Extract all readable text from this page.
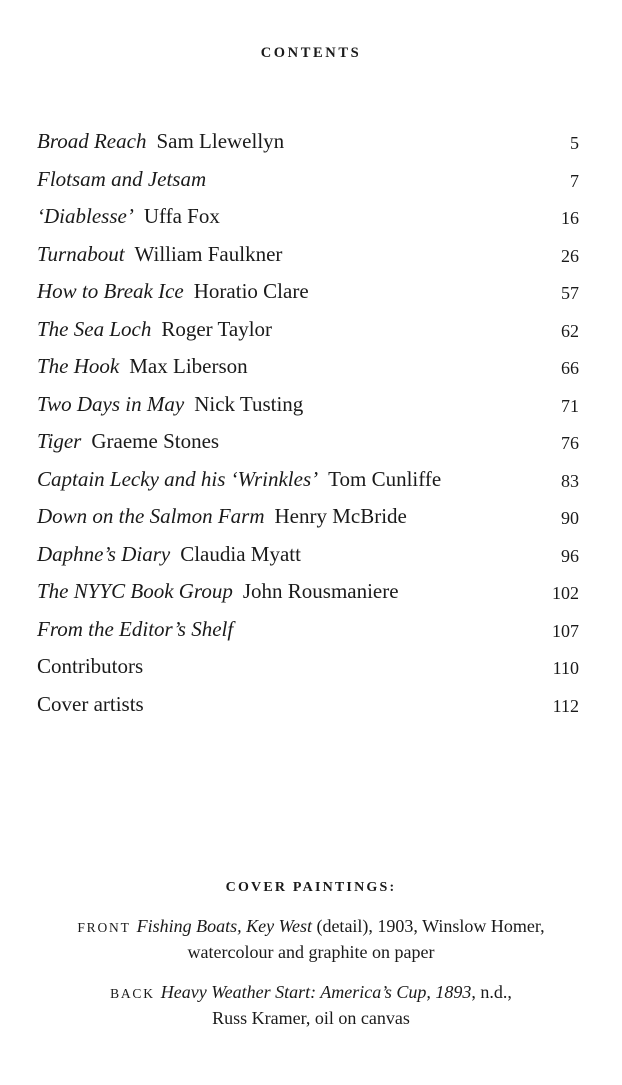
CONTENTS
Broad Reach Sam Llewellyn	5
Flotsam and Jetsam	7
‘Diablesse’ Uffa Fox	16
Turnabout William Faulkner	26
How to Break Ice Horatio Clare	57
The Sea Loch Roger Taylor	62
The Hook Max Liberson	66
Two Days in May Nick Tusting	71
Tiger Graeme Stones	76
Captain Lecky and his ‘Wrinkles’ Tom Cunliffe	83
Down on the Salmon Farm Henry McBride	90
Daphne’s Diary Claudia Myatt	96
The NYYC Book Group John Rousmaniere	102
From the Editor’s Shelf	107
Contributors	110
Cover artists	112
COVER PAINTINGS:
FRONT Fishing Boats, Key West (detail), 1903, Winslow Homer,
watercolour and graphite on paper
BACK Heavy Weather Start: America’s Cup, 1893, n.d.,
Russ Kramer, oil on canvas
